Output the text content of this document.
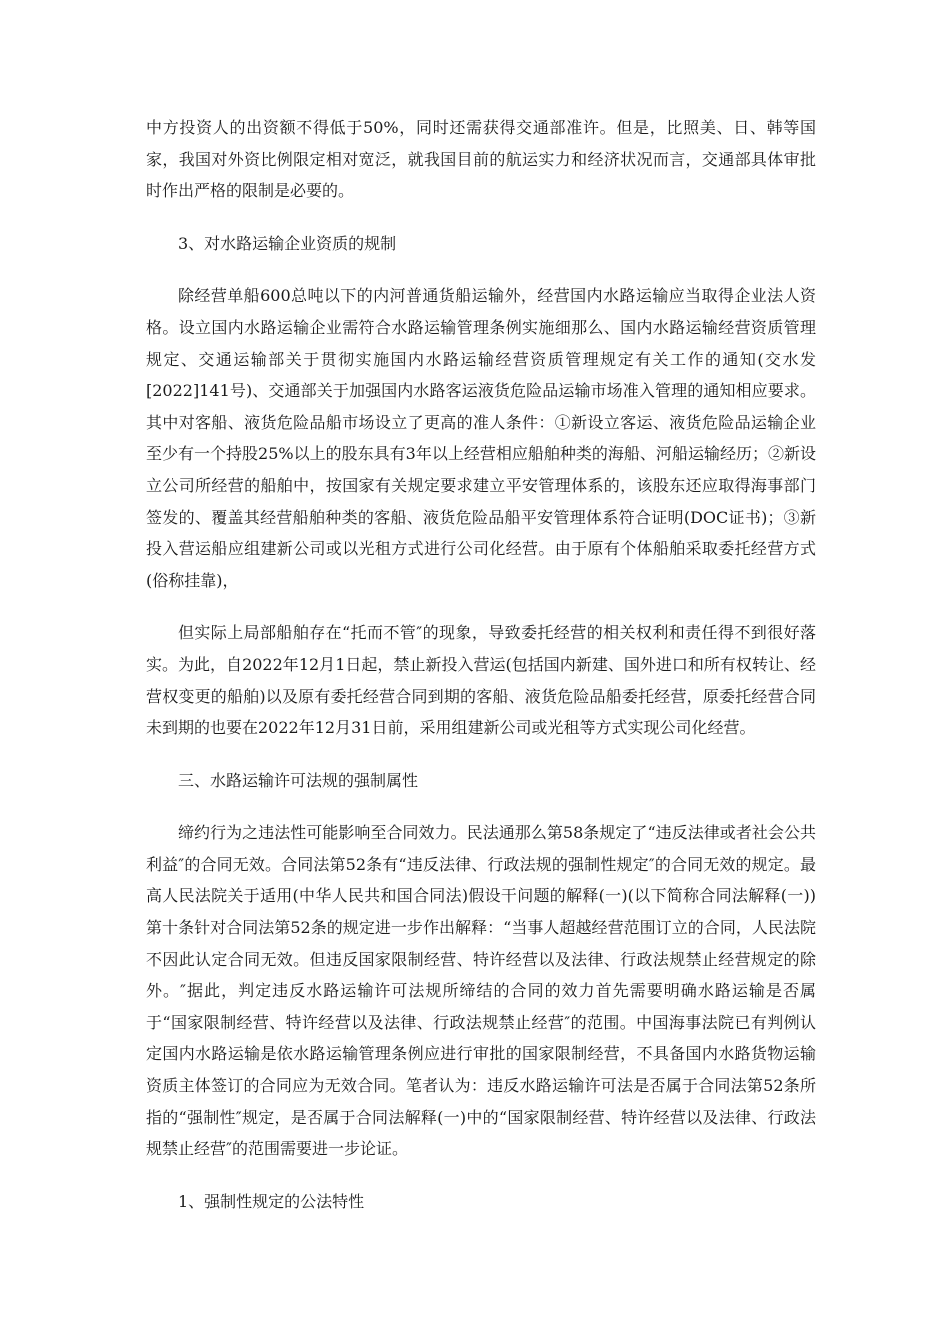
中方投资人的出资额不得低于50%，同时还需获得交通部准许。但是，比照美、日、韩等国家，我国对外资比例限定相对宽泛，就我国目前的航运实力和经济状况而言，交通部具体审批时作出严格的限制是必要的。

3、对水路运输企业资质的规制

除经营单船600总吨以下的内河普通货船运输外，经营国内水路运输应当取得企业法人资格。设立国内水路运输企业需符合水路运输管理条例实施细那么、国内水路运输经营资质管理规定、交通运输部关于贯彻实施国内水路运输经营资质管理规定有关工作的通知(交水发[2022]141号)、交通部关于加强国内水路客运液货危险品运输市场准入管理的通知相应要求。其中对客船、液货危险品船市场设立了更高的准人条件：①新设立客运、液货危险品运输企业至少有一个持股25%以上的股东具有3年以上经营相应船舶种类的海船、河船运输经历；②新设立公司所经营的船舶中，按国家有关规定要求建立平安管理体系的，该股东还应取得海事部门签发的、覆盖其经营船舶种类的客船、液货危险品船平安管理体系符合证明(DOC证书)；③新投入营运船应组建新公司或以光租方式进行公司化经营。由于原有个体船舶采取委托经营方式(俗称挂靠)，

但实际上局部船舶存在“托而不管″的现象，导致委托经营的相关权利和责任得不到很好落实。为此，自2022年12月1日起，禁止新投入营运(包括国内新建、国外进口和所有权转让、经营权变更的船舶)以及原有委托经营合同到期的客船、液货危险品船委托经营，原委托经营合同未到期的也要在2022年12月31日前，采用组建新公司或光租等方式实现公司化经营。

三、水路运输许可法规的强制属性

缔约行为之违法性可能影响至合同效力。民法通那么第58条规定了“违反法律或者社会公共利益″的合同无效。合同法第52条有“违反法律、行政法规的强制性规定″的合同无效的规定。最高人民法院关于适用(中华人民共和国合同法)假设干问题的解释(一)(以下简称合同法解释(一))第十条针对合同法第52条的规定进一步作出解释：“当事人超越经营范围订立的合同，人民法院不因此认定合同无效。但违反国家限制经营、特许经营以及法律、行政法规禁止经营规定的除外。″据此，判定违反水路运输许可法规所缔结的合同的效力首先需要明确水路运输是否属于“国家限制经营、特许经营以及法律、行政法规禁止经营″的范围。中国海事法院已有判例认定国内水路运输是依水路运输管理条例应进行审批的国家限制经营，不具备国内水路货物运输资质主体签订的合同应为无效合同。笔者认为：违反水路运输许可法是否属于合同法第52条所指的“强制性″规定，是否属于合同法解释(一)中的“国家限制经营、特许经营以及法律、行政法规禁止经营″的范围需要进一步论证。

1、强制性规定的公法特性
